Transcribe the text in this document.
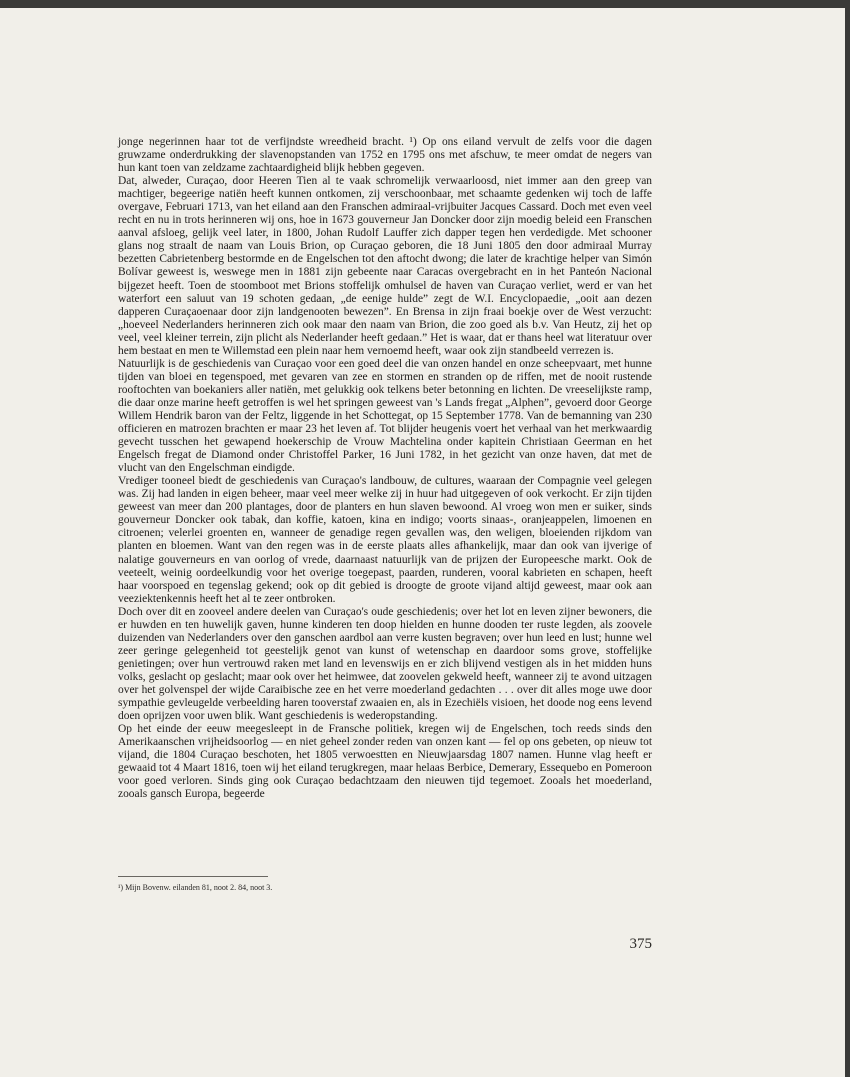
jonge negerinnen haar tot de verfijndste wreedheid bracht. ¹) Op ons eiland vervult de zelfs voor die dagen gruwzame onderdrukking der slavenopstanden van 1752 en 1795 ons met afschuw, te meer omdat de negers van hun kant toen van zeldzame zachtaardigheid blijk hebben gegeven.

Dat, alweder, Curaçao, door Heeren Tien al te vaak schromelijk verwaarloosd, niet immer aan den greep van machtiger, begeerige natiën heeft kunnen ontkomen, zij verschoonbaar, met schaamte gedenken wij toch de laffe overgave, Februari 1713, van het eiland aan den Franschen admiraal-vrijbuiter Jacques Cassard. Doch met even veel recht en nu in trots herinneren wij ons, hoe in 1673 gouverneur Jan Doncker door zijn moedig beleid een Franschen aanval afsloeg, gelijk veel later, in 1800, Johan Rudolf Lauffer zich dapper tegen hen verdedigde. Met schooner glans nog straalt de naam van Louis Brion, op Curaçao geboren, die 18 Juni 1805 den door admiraal Murray bezetten Cabrietenberg bestormde en de Engelschen tot den aftocht dwong; die later de krachtige helper van Simón Bolívar geweest is, weswege men in 1881 zijn gebeente naar Caracas overgebracht en in het Panteón Nacional bijgezet heeft. Toen de stoomboot met Brions stoffelijk omhulsel de haven van Curaçao verliet, werd er van het waterfort een saluut van 19 schoten gedaan, „de eenige hulde” zegt de W.I. Encyclopaedie, „ooit aan dezen dapperen Curaçaoenaar door zijn landgenooten bewezen”. En Brensa in zijn fraai boekje over de West verzucht: „hoeveel Nederlanders herinneren zich ook maar den naam van Brion, die zoo goed als b.v. Van Heutz, zij het op veel, veel kleiner terrein, zijn plicht als Nederlander heeft gedaan.” Het is waar, dat er thans heel wat literatuur over hem bestaat en men te Willemstad een plein naar hem vernoemd heeft, waar ook zijn standbeeld verrezen is.

Natuurlijk is de geschiedenis van Curaçao voor een goed deel die van onzen handel en onze scheepvaart, met hunne tijden van bloei en tegenspoed, met gevaren van zee en stormen en stranden op de riffen, met de nooit rustende rooftochten van boekaniers aller natiën, met gelukkig ook telkens beter betonning en lichten. De vreeselijkste ramp, die daar onze marine heeft getroffen is wel het springen geweest van 's Lands fregat „Alphen”, gevoerd door George Willem Hendrik baron van der Feltz, liggende in het Schottegat, op 15 September 1778. Van de bemanning van 230 officieren en matrozen brachten er maar 23 het leven af. Tot blijder heugenis voert het verhaal van het merkwaardig gevecht tusschen het gewapend hoekerschip de Vrouw Machtelina onder kapitein Christiaan Geerman en het Engelsch fregat de Diamond onder Christoffel Parker, 16 Juni 1782, in het gezicht van onze haven, dat met de vlucht van den Engelschman eindigde.

Vrediger tooneel biedt de geschiedenis van Curaçao's landbouw, de cultures, waaraan der Compagnie veel gelegen was. Zij had landen in eigen beheer, maar veel meer welke zij in huur had uitgegeven of ook verkocht. Er zijn tijden geweest van meer dan 200 plantages, door de planters en hun slaven bewoond. Al vroeg won men er suiker, sinds gouverneur Doncker ook tabak, dan koffie, katoen, kina en indigo; voorts sinaas-, oranjeappelen, limoenen en citroenen; velerlei groenten en, wanneer de genadige regen gevallen was, den weligen, bloeienden rijkdom van planten en bloemen. Want van den regen was in de eerste plaats alles afhankelijk, maar dan ook van ijverige of nalatige gouverneurs en van oorlog of vrede, daarnaast natuurlijk van de prijzen der Europeesche markt. Ook de veeteelt, weinig oordeelkundig voor het overige toegepast, paarden, runderen, vooral kabrieten en schapen, heeft haar voorspoed en tegenslag gekend; ook op dit gebied is droogte de groote vijand altijd geweest, maar ook aan veeziektenkennis heeft het al te zeer ontbroken.

Doch over dit en zooveel andere deelen van Curaçao's oude geschiedenis; over het lot en leven zijner bewoners, die er huwden en ten huwelijk gaven, hunne kinderen ten doop hielden en hunne dooden ter ruste legden, als zoovele duizenden van Nederlanders over den ganschen aardbol aan verre kusten begraven; over hun leed en lust; hunne wel zeer geringe gelegenheid tot geestelijk genot van kunst of wetenschap en daardoor soms grove, stoffelijke genietingen; over hun vertrouwd raken met land en levenswijs en er zich blijvend vestigen als in het midden huns volks, geslacht op geslacht; maar ook over het heimwee, dat zoovelen gekweld heeft, wanneer zij te avond uitzagen over het golvenspel der wijde Caraibische zee en het verre moederland gedachten . . . over dit alles moge uwe door sympathie gevleugelde verbeelding haren tooverstaf zwaaien en, als in Ezechiëls visioen, het doode nog eens levend doen oprijzen voor uwen blik. Want geschiedenis is wederopstanding.

Op het einde der eeuw meegesleept in de Fransche politiek, kregen wij de Engelschen, toch reeds sinds den Amerikaanschen vrijheidsoorlog — en niet geheel zonder reden van onzen kant — fel op ons gebeten, op nieuw tot vijand, die 1804 Curaçao beschoten, het 1805 verwoestten en Nieuwjaarsdag 1807 namen. Hunne vlag heeft er gewaaid tot 4 Maart 1816, toen wij het eiland terugkregen, maar helaas Berbice, Demerary, Essequebo en Pomeroon voor goed verloren. Sinds ging ook Curaçao bedachtzaam den nieuwen tijd tegemoet. Zooals het moederland, zooals gansch Europa, begeerde

¹) Mijn Bovenw. eilanden 81, noot 2. 84, noot 3.
375
